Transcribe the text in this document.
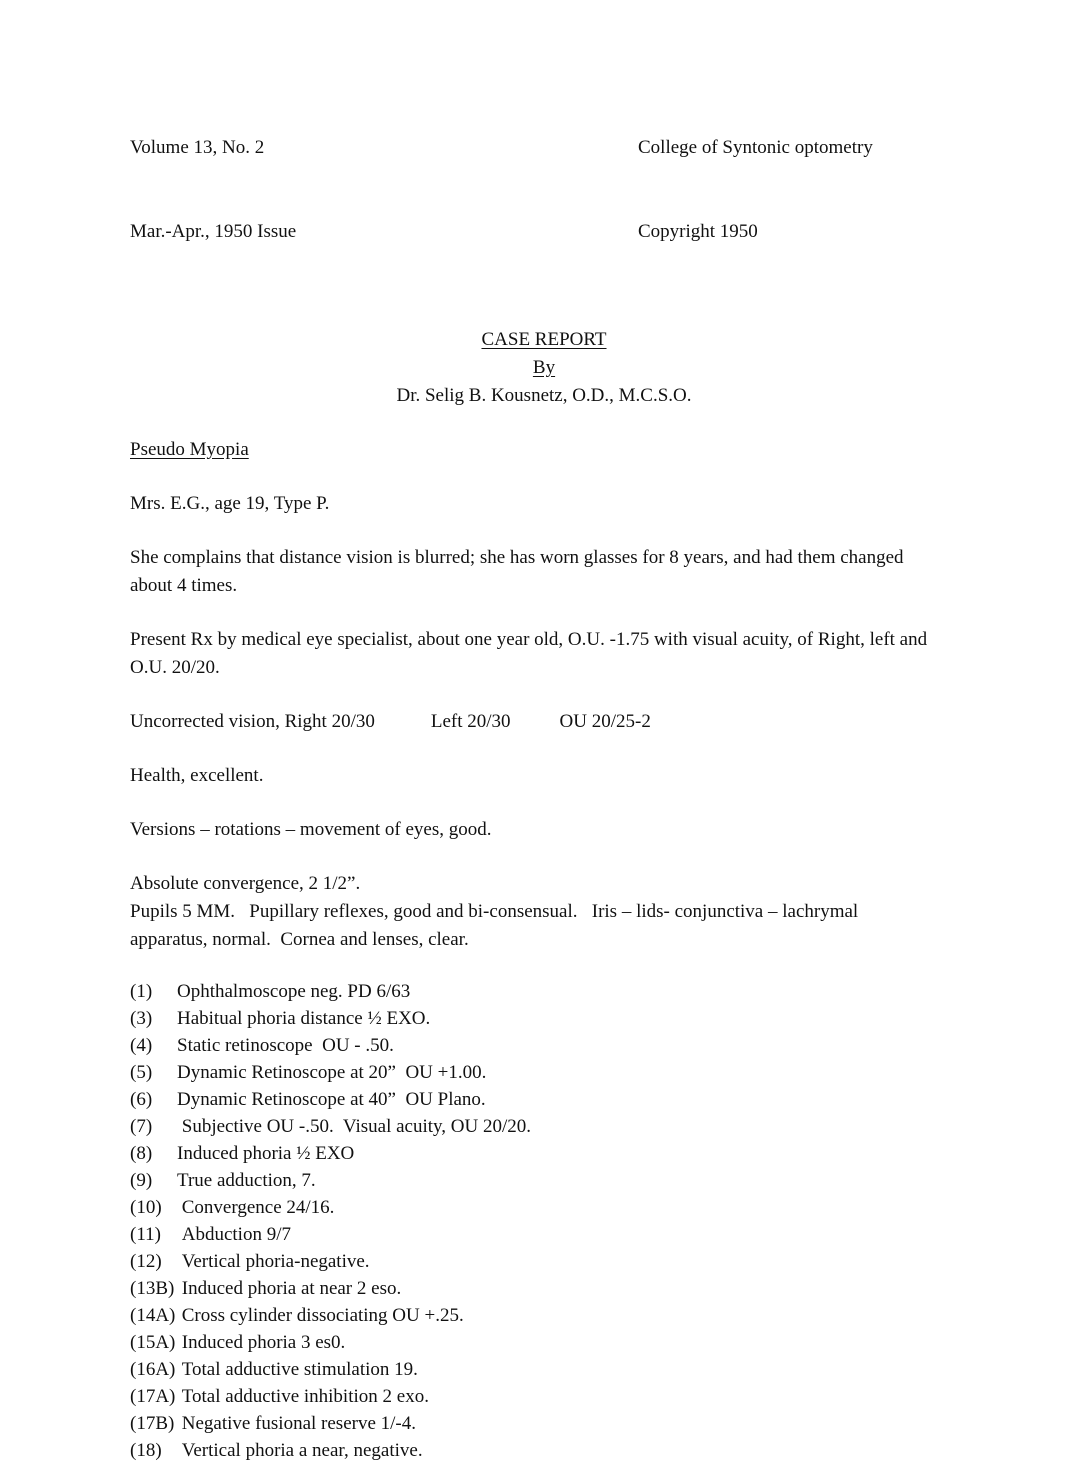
Volume 13, No. 2

Mar.-Apr., 1950 Issue

College of Syntonic optometry

Copyright 1950

CASE REPORT
By
Dr. Selig B. Kousnetz, O.D., M.C.S.O.
Pseudo Myopia
Mrs. E.G., age 19, Type P.
She complains that distance vision is blurred; she has worn glasses for 8 years, and had them changed
about 4 times.
Present Rx by medical eye specialist, about one year old, O.U. -1.75 with visual acuity, of Right, left and
O.U. 20/20.
Uncorrected vision, Right 20/30	Left 20/30	OU 20/25-2
Health, excellent.
Versions – rotations – movement of eyes, good.
Absolute convergence, 2 1/2”.
Pupils 5 MM.   Pupillary reflexes, good and bi-consensual.   Iris – lids- conjunctiva – lachrymal
apparatus, normal.  Cornea and lenses, clear.
(1)	Ophthalmoscope neg. PD 6/63
(3)	Habitual phoria distance ½ EXO.
(4)	Static retinoscope  OU - .50.
(5)	Dynamic Retinoscope at 20”  OU +1.00.
(6)	Dynamic Retinoscope at 40”  OU Plano.
(7)	Subjective OU -.50.  Visual acuity, OU 20/20.
(8)	Induced phoria ½ EXO
(9)	True adduction, 7.
(10) Convergence 24/16.
(11) Abduction 9/7
(12) Vertical phoria-negative.
(13B) Induced phoria at near 2 eso.
(14A) Cross cylinder dissociating OU +.25.
(15A) Induced phoria 3 es0.
(16A) Total adductive stimulation 19.
(17A) Total adductive inhibition 2 exo.
(17B) Negative fusional reserve 1/-4.
(18) Vertical phoria a near, negative.
